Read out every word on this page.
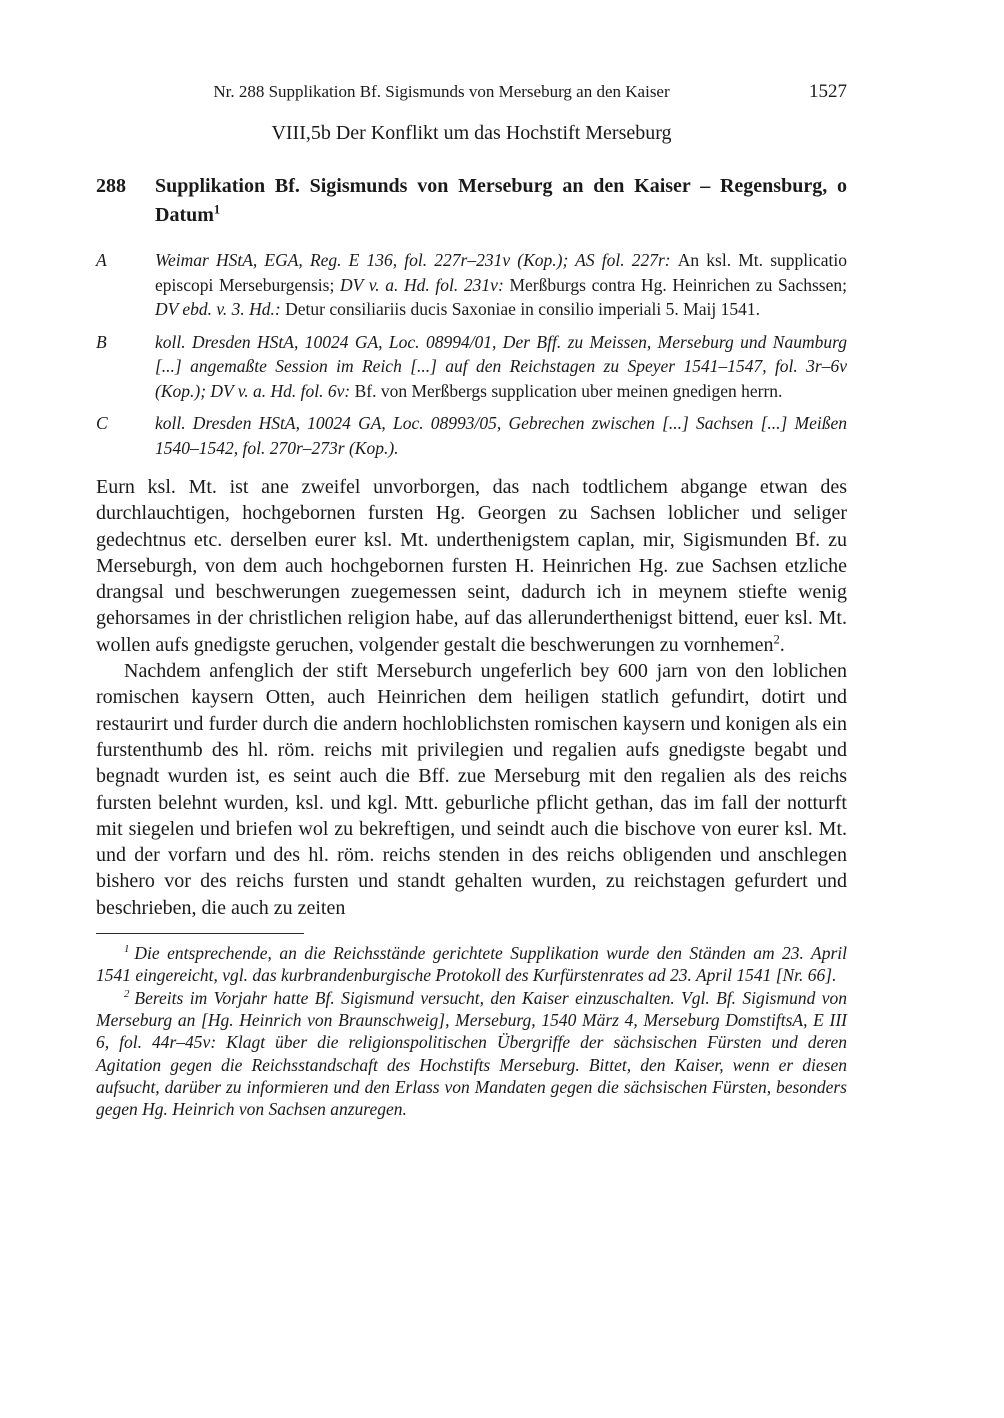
Nr. 288 Supplikation Bf. Sigismunds von Merseburg an den Kaiser	1527
VIII,5b Der Konflikt um das Hochstift Merseburg
288	Supplikation Bf. Sigismunds von Merseburg an den Kaiser – Regensburg, o Datum$^1$
A	Weimar HStA, EGA, Reg. E 136, fol. 227r–231v (Kop.); AS fol. 227r: An ksl. Mt. supplicatio episcopi Merseburgensis; DV v. a. Hd. fol. 231v: Merßburgs contra Hg. Heinrichen zu Sachssen; DV ebd. v. 3. Hd.: Detur consiliariis ducis Saxoniae in consilio imperiali 5. Maij 1541.
B	koll. Dresden HStA, 10024 GA, Loc. 08994/01, Der Bff. zu Meissen, Merseburg und Naumburg [...] angemaßte Session im Reich [...] auf den Reichstagen zu Speyer 1541–1547, fol. 3r–6v (Kop.); DV v. a. Hd. fol. 6v: Bf. von Merßbergs supplication uber meinen gnedigen herrn.
C	koll. Dresden HStA, 10024 GA, Loc. 08993/05, Gebrechen zwischen [...] Sachsen [...] Meißen 1540–1542, fol. 270r–273r (Kop.).

Eurn ksl. Mt. ist ane zweifel unvorborgen, das nach todtlichem abgange etwan des durchlauchtigen, hochgebornen fursten Hg. Georgen zu Sachsen loblicher und seliger gedechtnus etc. derselben eurer ksl. Mt. underthenigstem caplan, mir, Sigismunden Bf. zu Merseburgh, von dem auch hochgebornen fursten H. Heinrichen Hg. zue Sachsen etzliche drangsal und beschwerungen zuegemessen seint, dadurch ich in meynem stiefte wenig gehorsames in der christlichen religion habe, auf das allerunderthenigst bittend, euer ksl. Mt. wollen aufs gnedigste geruchen, volgender gestalt die beschwerungen zu vornhemen$^2$.

Nachdem anfenglich der stift Merseburch ungeferlich bey 600 jarn von den loblichen romischen kaysern Otten, auch Heinrichen dem heiligen statlich gefundirt, dotirt und restaurirt und furder durch die andern hochloblichsten romischen kaysern und konigen als ein furstenthumb des hl. röm. reichs mit privilegien und regalien aufs gnedigste begabt und begnadt wurden ist, es seint auch die Bff. zue Merseburg mit den regalien als des reichs fursten belehnt wurden, ksl. und kgl. Mtt. geburliche pflicht gethan, das im fall der notturft mit siegelen und briefen wol zu bekreftigen, und seindt auch die bischove von eurer ksl. Mt. und der vorfarn und des hl. röm. reichs stenden in des reichs obligenden und anschlegen bishero vor des reichs fursten und standt gehalten wurden, zu reichstagen gefurdert und beschrieben, die auch zu zeiten

$^1$ Die entsprechende, an die Reichsstände gerichtete Supplikation wurde den Ständen am 23. April 1541 eingereicht, vgl. das kurbrandenburgische Protokoll des Kurfürstenrates ad 23. April 1541 [Nr. 66].

$^2$ Bereits im Vorjahr hatte Bf. Sigismund versucht, den Kaiser einzuschalten. Vgl. Bf. Sigismund von Merseburg an [Hg. Heinrich von Braunschweig], Merseburg, 1540 März 4, Merseburg DomstiftsA, E III 6, fol. 44r–45v: Klagt über die religionspolitischen Übergriffe der sächsischen Fürsten und deren Agitation gegen die Reichsstandschaft des Hochstifts Merseburg. Bittet, den Kaiser, wenn er diesen aufsucht, darüber zu informieren und den Erlass von Mandaten gegen die sächsischen Fürsten, besonders gegen Hg. Heinrich von Sachsen anzuregen.
